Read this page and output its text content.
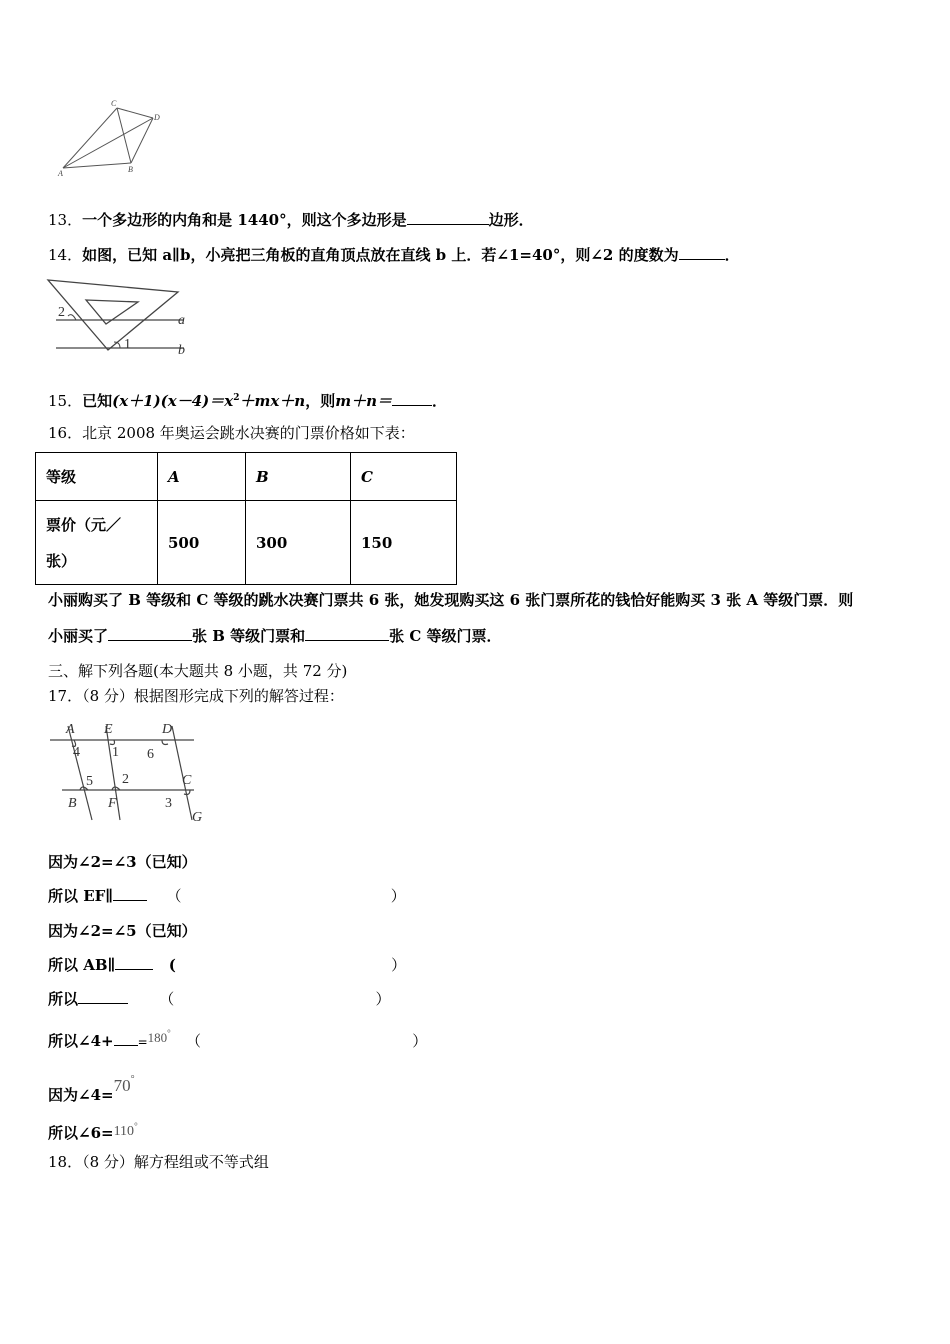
C
D
A	B
13．一个多边形的内角和是 1440°，则这个多边形是	边形．
14．如图，已知 a∥b，小亮把三角板的直角顶点放在直线 b 上．若∠1=40°，则∠2 的度数为	．
a
b
2
1
15．已知$(x+1)(x-4)=x^2+mx+n$，则m＋n＝	．
16．北京 2008 年奥运会跳水决赛的门票价格如下表：
等级	A	B	C

票价（元／
张）	500	300	150
小丽购买了 B 等级和 C 等级的跳水决赛门票共 6 张，她发现购买这 6 张门票所花的钱恰好能购买 3 张 A 等级门票．则
小丽买了	张 B 等级门票和	张 C 等级门票．
三、解下列各题(本大题共 8 小题，共 72 分)
17．（8 分）根据图形完成下列的解答过程：
A E	D
4 1 6
5 2	C
B F	3
G
因为∠2=∠3（已知）
所以 EF∥	（	）
因为∠2=∠5（已知）
所以 AB∥	(	）
所以	（	）
所以∠4+ =180° （	）
因为∠4=70°
所以∠6=110°
18．（8 分）解方程组或不等式组
